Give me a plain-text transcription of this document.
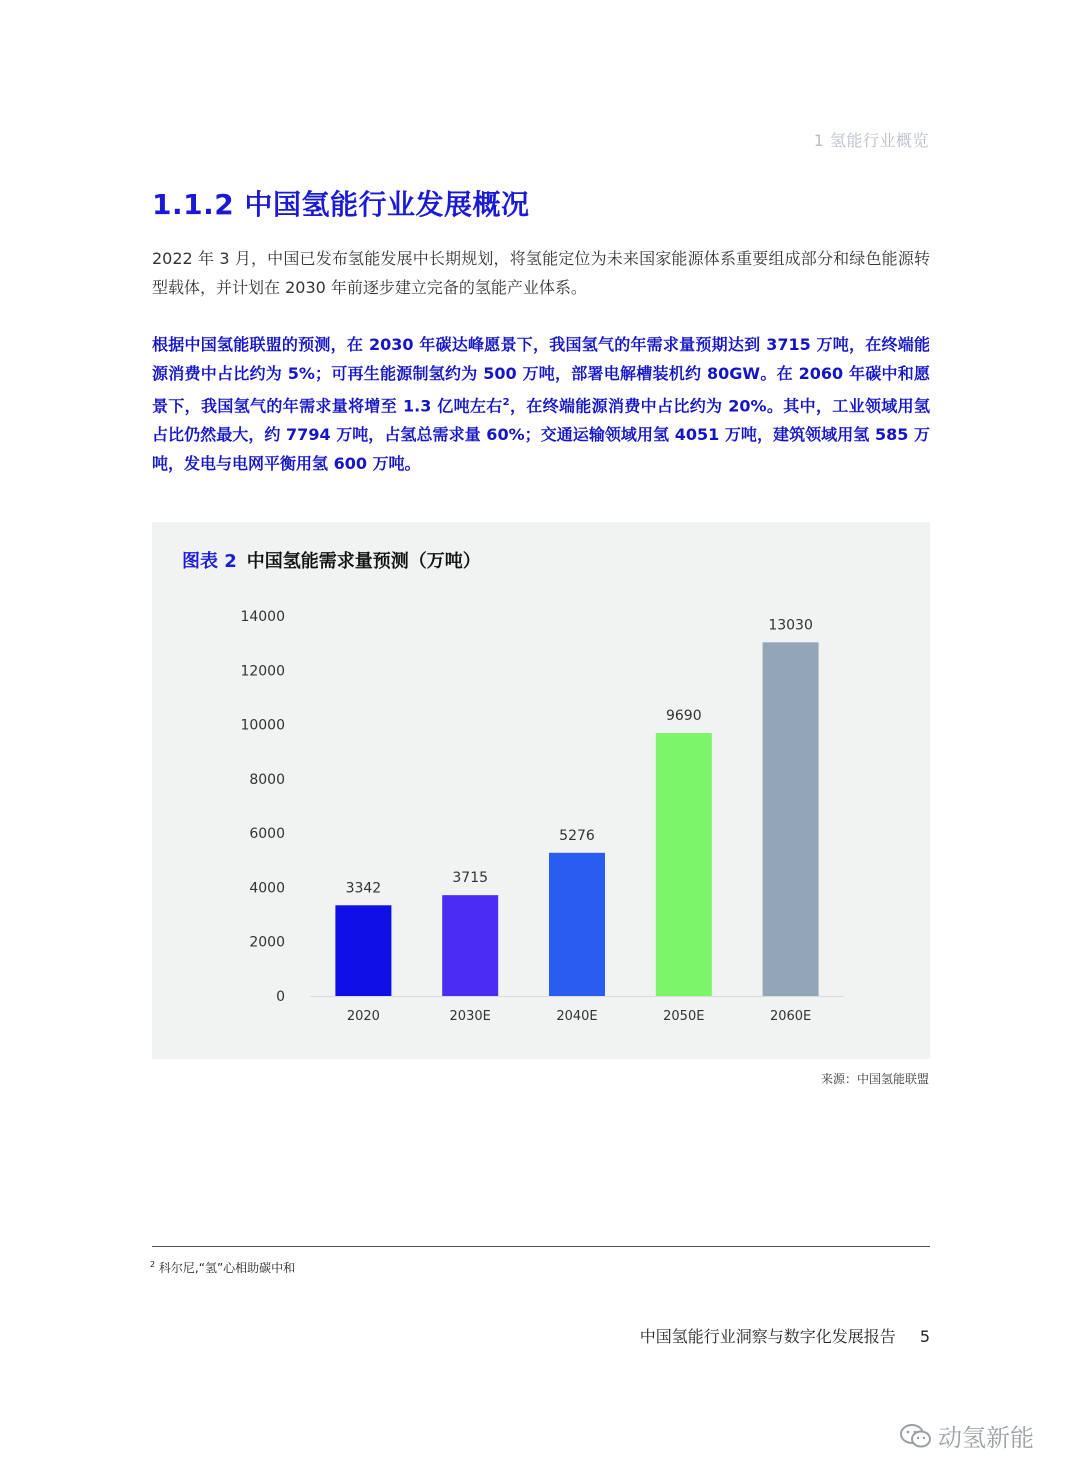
1 氢能行业概览
1.1.2 中国氢能行业发展概况
2022 年 3 月，中国已发布氢能发展中长期规划，将氢能定位为未来国家能源体系重要组成部分和绿色能源转型载体，并计划在 2030 年前逐步建立完备的氢能产业体系。
根据中国氢能联盟的预测，在 2030 年碳达峰愿景下，我国氢气的年需求量预期达到 3715 万吨，在终端能源消费中占比约为 5%；可再生能源制氢约为 500 万吨，部署电解槽装机约 80GW。在 2060 年碳中和愿景下，我国氢气的年需求量将增至 1.3 亿吨左右$^2$，在终端能源消费中占比约为 20%。其中，工业领域用氢占比仍然最大，约 7794 万吨，占氢总需求量 60%；交通运输领域用氢 4051 万吨，建筑领域用氢 585 万吨，发电与电网平衡用氢 600 万吨。
图表 2 中国氢能需求量预测（万吨）
0
2000
4000
6000
8000
10000
12000
14000
3342
2020
3715
2030E
5276
2040E
9690
2050E
13030
2060E
来源：中国氢能联盟
$^2$ 科尔尼,“氢”心相助碳中和
中国氢能行业洞察与数字化发展报告 5
动氢新能
